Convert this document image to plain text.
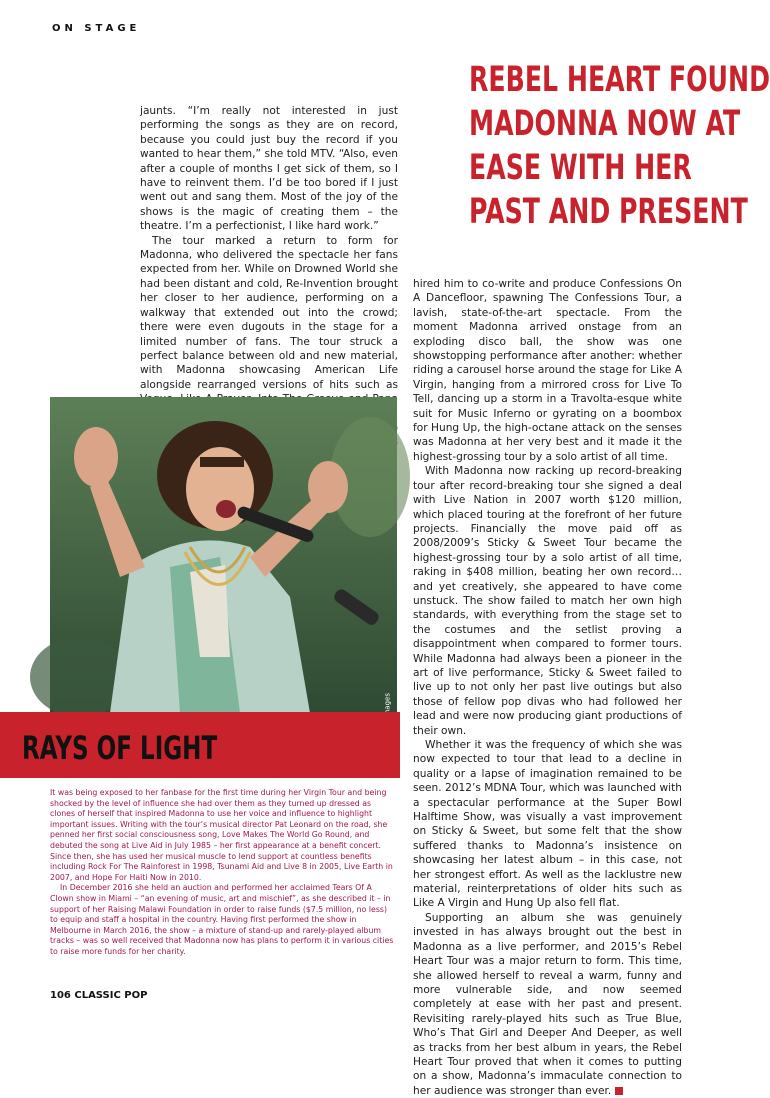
ON STAGE
REBEL HEART FOUND
MADONNA NOW AT
EASE WITH HER
PAST AND PRESENT

jaunts. “I’m really not interested in just performing the songs as they are on record, because you could just buy the record if you wanted to hear them,” she told MTV. “Also, even after a couple of months I get sick of them, so I have to reinvent them. I’d be too bored if I just went out and sang them. Most of the joy of the shows is the magic of creating them – the theatre. I’m a perfectionist, I like hard work.”

The tour marked a return to form for Madonna, who delivered the spectacle her fans expected from her. While on Drowned World she had been distant and cold, Re-Invention brought her closer to her audience, performing on a walkway that extended out into the crowd; there were even dugouts in the stage for a limited number of fans. The tour struck a perfect balance between old and new material, with Madonna showcasing American Life alongside rearranged versions of hits such as

hired him to co-write and produce Confessions On A Dancefloor, spawning The Confessions Tour, a lavish, state-of-the-art spectacle. From the moment Madonna arrived onstage from an exploding disco ball, the show was one showstopping performance after another: whether riding a carousel horse around the stage for Like A Virgin, hanging from a mirrored cross for Live To Tell, dancing up a storm in a Travolta-esque white suit for Music Inferno or gyrating on a boombox for Hung Up, the high-octane attack on the senses was Madonna at her very best and it made it the highest-grossing tour by a solo artist of all time.

With Madonna now racking up record-breaking tour after record-breaking tour she signed a deal with Live Nation in 2007 worth $120 million, which placed touring at the forefront of her future projects. Financially the move paid off as 2008/2009’s Sticky & Sweet Tour became the highest-grossing tour by a solo artist of all time, raking in $408 million, beating her own record… and yet creatively, she appeared to have come unstuck. The show failed to match her own high standards, with everything from the stage set to the costumes and the setlist proving a disappointment when compared to former tours. While Madonna had always been a pioneer in the art of live performance, Sticky & Sweet failed to live up to not only her past live outings but also those of fellow pop divas who had followed her lead and were now producing giant productions of their own.

Whether it was the frequency of which she was now expected to tour that lead to a decline in quality or a lapse of imagination remained to be seen. 2012’s MDNA Tour, which was launched with a spectacular performance at the Super Bowl Halftime Show, was visually a vast improvement on Sticky & Sweet, but some felt that the show suffered thanks to Madonna’s insistence on showcasing her latest album – in this case, not her strongest effort. As well as the lacklustre new material, reinterpretations of older hits such as Like A Virgin and Hung Up also fell flat.

Supporting an album she was genuinely invested in has always brought out the best in Madonna as a live performer, and 2015’s Rebel Heart Tour was a major return to form. This time, she allowed herself to reveal a warm, funny and more vulnerable side, and now seemed completely at ease with her past and present. Revisiting rarely-played hits such as True Blue, Who’s That Girl and Deeper And Deeper, as well as tracks from her best album in years, the Rebel Heart Tour proved that when it comes to putting on a show, Madonna’s immaculate connection to her audience was stronger than ever.

RAYS OF LIGHT

It was being exposed to her fanbase for the first time during her Virgin Tour and being shocked by the level of influence she had over them as they turned up dressed as clones of herself that inspired Madonna to use her voice and influence to highlight important issues. Writing with the tour’s musical director Pat Leonard on the road, she penned her first social consciousness song, Love Makes The World Go Round, and debuted the song at Live Aid in July 1985 – her first appearance at a benefit concert. Since then, she has used her musical muscle to lend support at countless benefits including Rock For The Rainforest in 1998, Tsunami Aid and Live 8 in 2005, Live Earth in 2007, and Hope For Haiti Now in 2010.

In December 2016 she held an auction and performed her acclaimed Tears Of A Clown show in Miami – “an evening of music, art and mischief”, as she described it – in support of her Raising Malawi Foundation in order to raise funds ($7.5 million, no less) to equip and staff a hospital in the country. Having first performed the show in Melbourne in March 2016, the show – a mixture of stand-up and rarely-played album tracks – was so well received that Madonna now has plans to perform it in various cities to raise more funds for her charity.

106 CLASSIC POP
